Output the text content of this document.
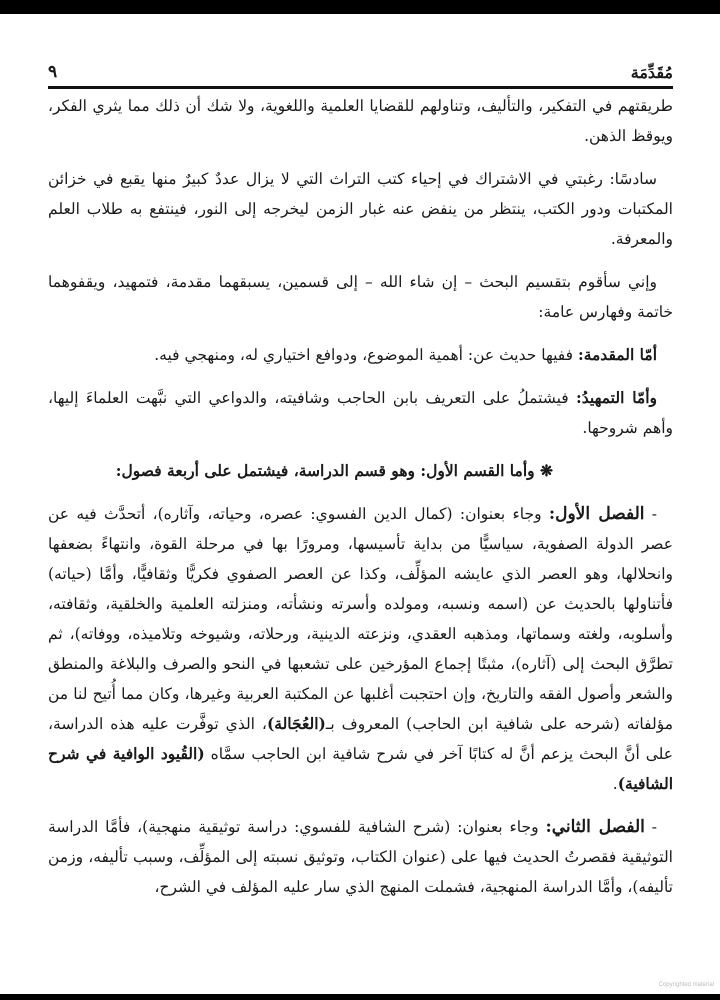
مُقَدِّمَة
٩

طريقتهم في التفكير، والتأليف، وتناولهم للقضايا العلمية واللغوية، ولا شك أن ذلك مما يثري الفكر، ويوقظ الذهن.

سادسًا: رغبتي في الاشتراك في إحياء كتب التراث التي لا يزال عددٌ كبيرٌ منها يقبع في خزائن المكتبات ودور الكتب، ينتظر من ينفض عنه غبار الزمن ليخرجه إلى النور، فينتفع به طلاب العلم والمعرفة.

وإني سأقوم بتقسيم البحث – إن شاء الله – إلى قسمين، يسبقهما مقدمة، فتمهيد، ويقفوهما خاتمة وفهارس عامة:

أمّا المقدمة: ففيها حديث عن: أهمية الموضوع، ودوافع اختياري له، ومنهجي فيه.

وأمّا التمهيدُ: فيشتملُ على التعريف بابن الحاجب وشافيته، والدواعي التي نبَّهت العلماءَ إليها، وأهم شروحها.

❋ وأما القسم الأول: وهو قسم الدراسة، فيشتمل على أربعة فصول:

- الفصل الأول: وجاء بعنوان: (كمال الدين الفسوي: عصره، وحياته، وآثاره)، أتحدَّث فيه عن عصر الدولة الصفوية، سياسيًّا من بداية تأسيسها، ومرورًا بها في مرحلة القوة، وانتهاءً بضعفها وانحلالها، وهو العصر الذي عايشه المؤلِّف، وكذا عن العصر الصفوي فكريًّا وثقافيًّا، وأمَّا (حياته) فأتناولها بالحديث عن (اسمه ونسبه، ومولده وأسرته ونشأته، ومنزلته العلمية والخلقية، وثقافته، وأسلوبه، ولغته وسماتها، ومذهبه العقدي، ونزعته الدينية، ورحلاته، وشيوخه وتلاميذه، ووفاته)، ثم تطرَّق البحث إلى (آثاره)، مثبتًا إجماع المؤرخين على تشعبها في النحو والصرف والبلاغة والمنطق والشعر وأصول الفقه والتاريخ، وإن احتجبت أغلبها عن المكتبة العربية وغيرها، وكان مما أُتيح لنا من مؤلفاته (شرحه على شافية ابن الحاجب) المعروف بـ(العُجَالة)، الذي توفَّرت عليه هذه الدراسة، على أنَّ البحث يزعم أنَّ له كتابًا آخر في شرح شافية ابن الحاجب سمَّاه (القُيود الوافية في شرح الشافية).

- الفصل الثاني: وجاء بعنوان: (شرح الشافية للفسوي: دراسة توثيقية منهجية)، فأمَّا الدراسة التوثيقية فقصرتُ الحديث فيها على (عنوان الكتاب، وتوثيق نسبته إلى المؤلِّف، وسبب تأليفه، وزمن تأليفه)، وأمَّا الدراسة المنهجية، فشملت المنهج الذي سار عليه المؤلف في الشرح،

Copyrighted material
